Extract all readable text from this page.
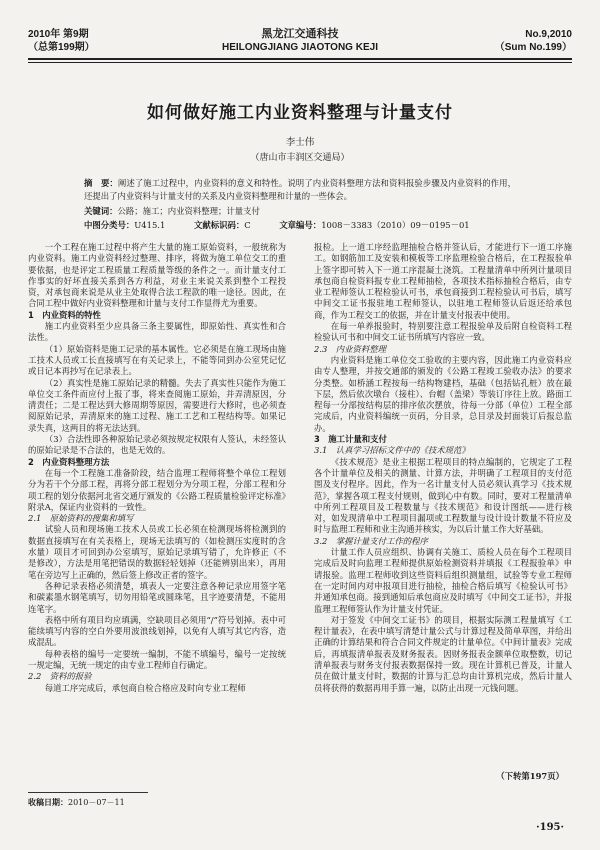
2010年 第9期
（总第199期）
黑龙江交通科技
HEILONGJIANG JIAOTONG KEJI
No.9,2010
（Sum No.199）
如何做好施工内业资料整理与计量支付
李士伟
（唐山市丰润区交通局）
摘　要：阐述了施工过程中，内业资料的意义和特性。说明了内业资料整理方法和资料报验步骤及内业资料的作用，还提出了内业资料与计量支付的关系及内业资料整理和计量的一些体会。
关键词：公路；施工；内业资料整理；计量支付
中图分类号：U415.1	文献标识码：C	文章编号：1008－3383（2010）09－0195－01

一个工程在施工过程中将产生大量的施工原始资料，一般统称为内业资料。施工内业资料经过整理、排序，将做为施工单位交工的重要依据，也是评定工程质量工程质量等级的条件之一。而计量支付工作事实的好坏直接关系到各方利益，对业主来说关系到整个工程投资，对承包商来说是从业主处取得合法工程款的唯一途径。因此，在合同工程中做好内业资料整理和计量与支付工作显得尤为重要。

1　内业资料的特性

施工内业资料至少应具备三条主要属性，即原始性、真实性和合法性。

（1）原始资料是施工记录的基本属性。它必须是在施工现场由施工技术人员或工长直接填写在有关记录上，不能等同到办公室凭记忆或日记本再抄写在记录表上。

（2）真实性是施工原始记录的精髓。失去了真实性只能作为施工单位交工条件而应付上报了事，将来查阅施工原始，并弄清原因，分清责任；二是工程达到大修周期等原因，需要进行大修时，也必须查阅原始记录，弄清原来的施工过程、施工工艺和工程结构等。如果记录失真，这两目的将无法达到。

（3）合法性即各种原始记录必须按规定权限有人签认，未经签认的原始记录是不合法的，也是无效的。

2　内业资料整理方法

在每一个工程施工准备阶段，结合监理工程师将整个单位工程划分为若干个分部工程，再将分部工程划分为分项工程，分部工程和分项工程的划分依据河北省交通厅颁发的《公路工程质量检验评定标准》附录A，保证内业资料的一致性。

2.1　原始资料的搜集和填写

试验人员和现场施工技术人员或工长必须在检测现场将检测到的数据直接填写在有关表格上，现场无法填写的（如检测压实度时的含水量）项目才可回到办公室填写，原始记录填写错了，允许修正（不是修改），方法是用笔把错误的数据轻轻划掉（还能辨别出来），再用笔在旁边写上正确的，然后签上修改正者的签字。

各种记录表格必须清楚，填表人一定要注意各种记录应用签字笔和碳素墨水钢笔填写，切勿用铅笔或圆珠笔，且字迹要清楚，不能用连笔字。

表格中所有项目均应填满，空缺项目必须用“/”符号划掉。表中可能续填写内容的空白外要用波浪线划掉，以免有人填写其它内容，造成混乱。

每种表格的编号一定要统一编制，不能不填编号，编号一定按统一规定编，无统一规定的由专业工程师自行确定。

2.2　资料的报验

每道工序完成后，承包商自检合格应及时向专业工程师

报检。上一道工序经监理抽检合格并签认后，才能进行下一道工序施工。如钢筋加工及安装和模板等工序监理检验合格后，在工程报验单上签字即可转入下一道工序混凝土浇筑。工程量清单中所列计量项目承包商自检资料报专业工程师抽检，各项技术指标抽检合格后，由专业工程师签认工程检验认可书，承包商接到工程检验认可书后，填写中间交工证书报驻地工程师签认，以驻地工程师签认后返还给承包商，作为工程交工的依据，并在计量支付报表中使用。

在每一单养报验时，特别要注意工程报验单及后附自检资料工程检验认可书和中间交工证书所填写内容应一致。

2.3　内业资料整理

内业资料是施工单位交工验收的主要内容，因此施工内业资料应由专人整理，并按交通部的颁发的《公路工程竣工验收办法》的要求分类整。如桥涵工程按每一结构物建档，基础（包括钻孔桩）放在最下层，然后依次墩台（接柱）、台帽（盖梁）等装订序往上放。路面工程每一分部按结构层的排序依次摆放，待每一分部（单位）工程全部完成后，内业资料编统一页码，分目录，总目录及封面装订后报总监办。

3　施工计量和支付

3.1　认真学习招标文件中的《技术规范》

《技术规范》是业主根据工程项目的特点编制的，它规定了工程各个计量单位及相关的测量、计算方法，并明确了工程项目的支付范围及支付程序。因此，作为一名计量支付人员必须认真学习《技术规范》，掌握各项工程支付规则，做到心中有数。同时，要对工程量清单中所列工程项目及工程数量与《技术规范》和设计图纸——进行核对，如发现清单中工程项目漏项或工程数量与设计设计数量不符应及时与监理工程师和业主沟通并核实，为以后计量工作大好基础。

3.2　掌握计量支付工作的程序

计量工作人员应组织、协调有关施工、质检人员在每个工程项目完成后及时向监理工程师提供原始检测资料并填报《工程报验单》申请报验。监理工程师收到这些资料后组织测量组，试验等专业工程师在一定时间内对申报项目进行抽检，抽检合格后填写《检验认可书》并通知承包商。接到通知后承包商应及时填写《中间交工证书》，并报监理工程师签认作为计量支付凭证。

对于签发《中间交工证书》的项目，根据实际测工程量填写《工程计量表》，在表中填写清楚计量公式与计算过程及简单草图，并给出正确的计算结果和符合合同文件规定的计量单位。《中间计量表》完成后，再填报清单报表及财务报表。因财务报表金额单位取整数，切记清单报表与财务支付报表数据保持一致。现在计算机已普及，计量人员在做计量支付时，数据的计算与汇总均由计算机完成，然后计量人员将获得的数据再用手算一遍，以防止出现一元钱问题。

（下转第197页）
收稿日期：2010－07－11
·195·
